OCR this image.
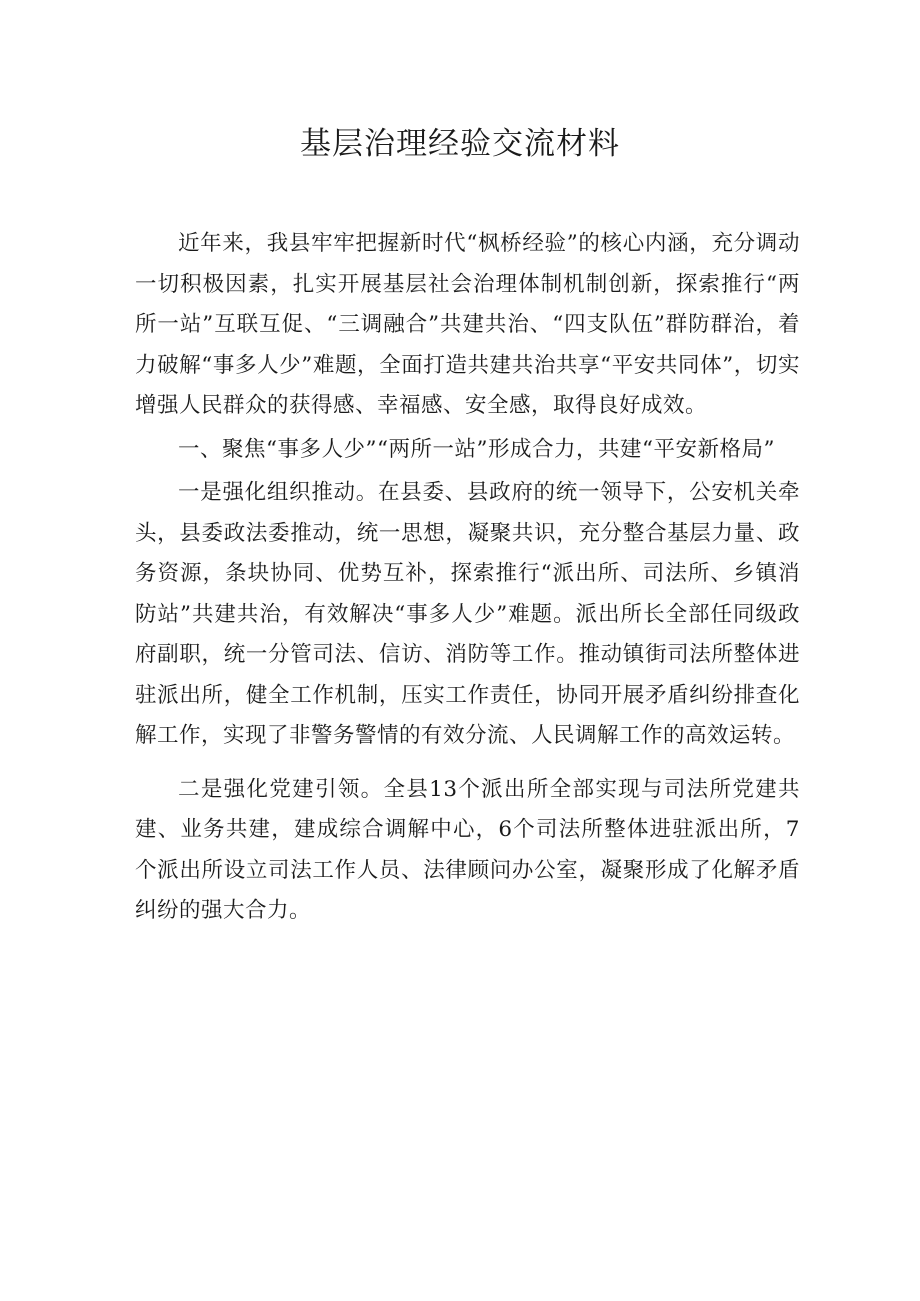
基层治理经验交流材料

近年来，我县牢牢把握新时代“枫桥经验”的核心内涵，充分调动一切积极因素，扎实开展基层社会治理体制机制创新，探索推行“两所一站”互联互促、“三调融合”共建共治、“四支队伍”群防群治，着力破解“事多人少”难题，全面打造共建共治共享“平安共同体”，切实增强人民群众的获得感、幸福感、安全感，取得良好成效。

一、聚焦“事多人少”“两所一站”形成合力，共建“平安新格局”

一是强化组织推动。在县委、县政府的统一领导下，公安机关牵头，县委政法委推动，统一思想，凝聚共识，充分整合基层力量、政务资源，条块协同、优势互补，探索推行“派出所、司法所、乡镇消防站”共建共治，有效解决“事多人少”难题。派出所长全部任同级政府副职，统一分管司法、信访、消防等工作。推动镇街司法所整体进驻派出所，健全工作机制，压实工作责任，协同开展矛盾纠纷排查化解工作，实现了非警务警情的有效分流、人民调解工作的高效运转。

二是强化党建引领。全县13个派出所全部实现与司法所党建共建、业务共建，建成综合调解中心，6个司法所整体进驻派出所，7个派出所设立司法工作人员、法律顾问办公室，凝聚形成了化解矛盾纠纷的强大合力。
